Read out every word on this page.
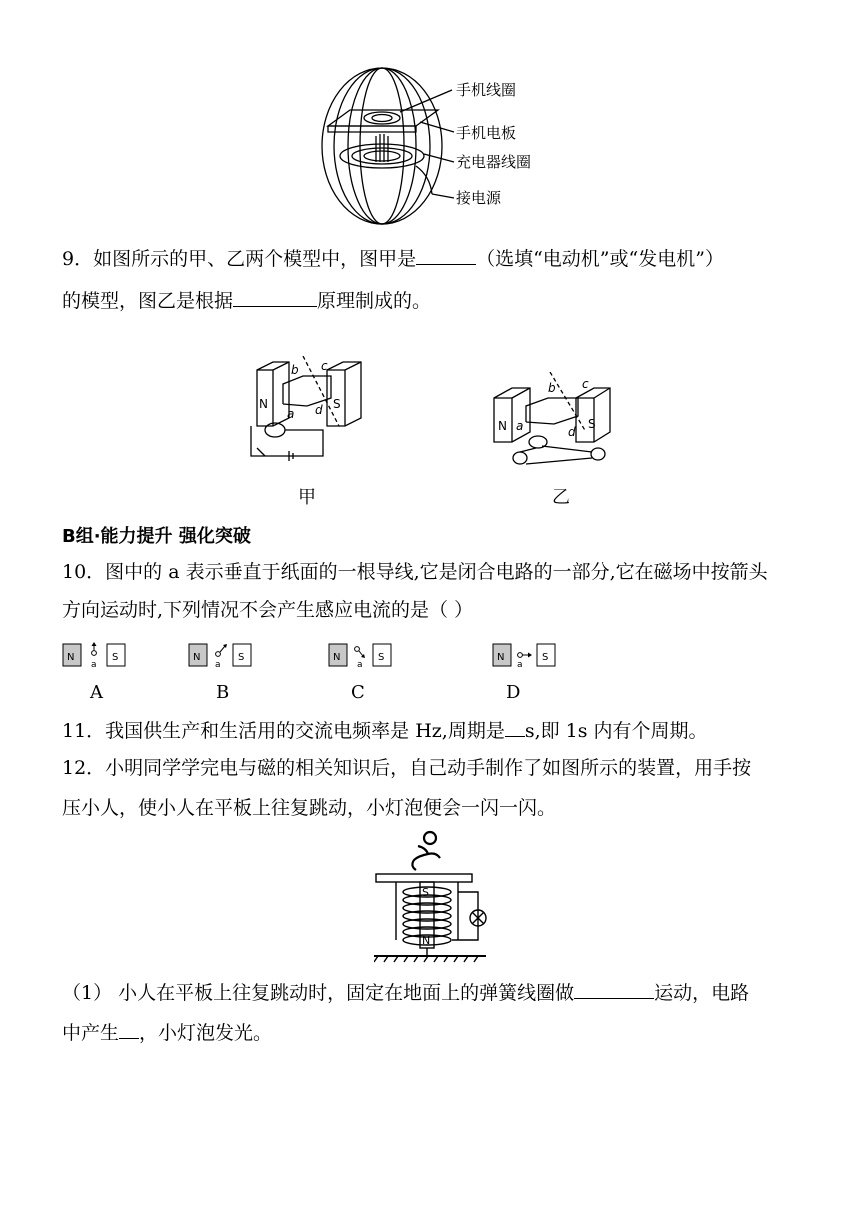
手机线圈
手机电板
充电器线圈
接电源
9．如图所示的甲、乙两个模型中，图甲是	（选填“电动机”或“发电机”）
的模型，图乙是根据	原理制成的。
N	S
a
b c
d
N	S
a
b c
d
甲	乙
B组·能力提升 强化突破
10．图中的 a 表示垂直于纸面的一根导线,它是闭合电路的一部分,它在磁场中按箭头
方向运动时,下列情况不会产生感应电流的是（ ）
N	S
a
N	S
a
N	S
a
N	S
a
A	B	C	D
11．我国供生产和生活用的交流电频率是 Hz,周期是 s,即 1s 内有个周期。
12．小明同学学完电与磁的相关知识后，自己动手制作了如图所示的装置，用手按
压小人，使小人在平板上往复跳动，小灯泡便会一闪一闪。
S
N
（1） 小人在平板上往复跳动时，固定在地面上的弹簧线圈做	运动，电路
中产生 ，小灯泡发光。
